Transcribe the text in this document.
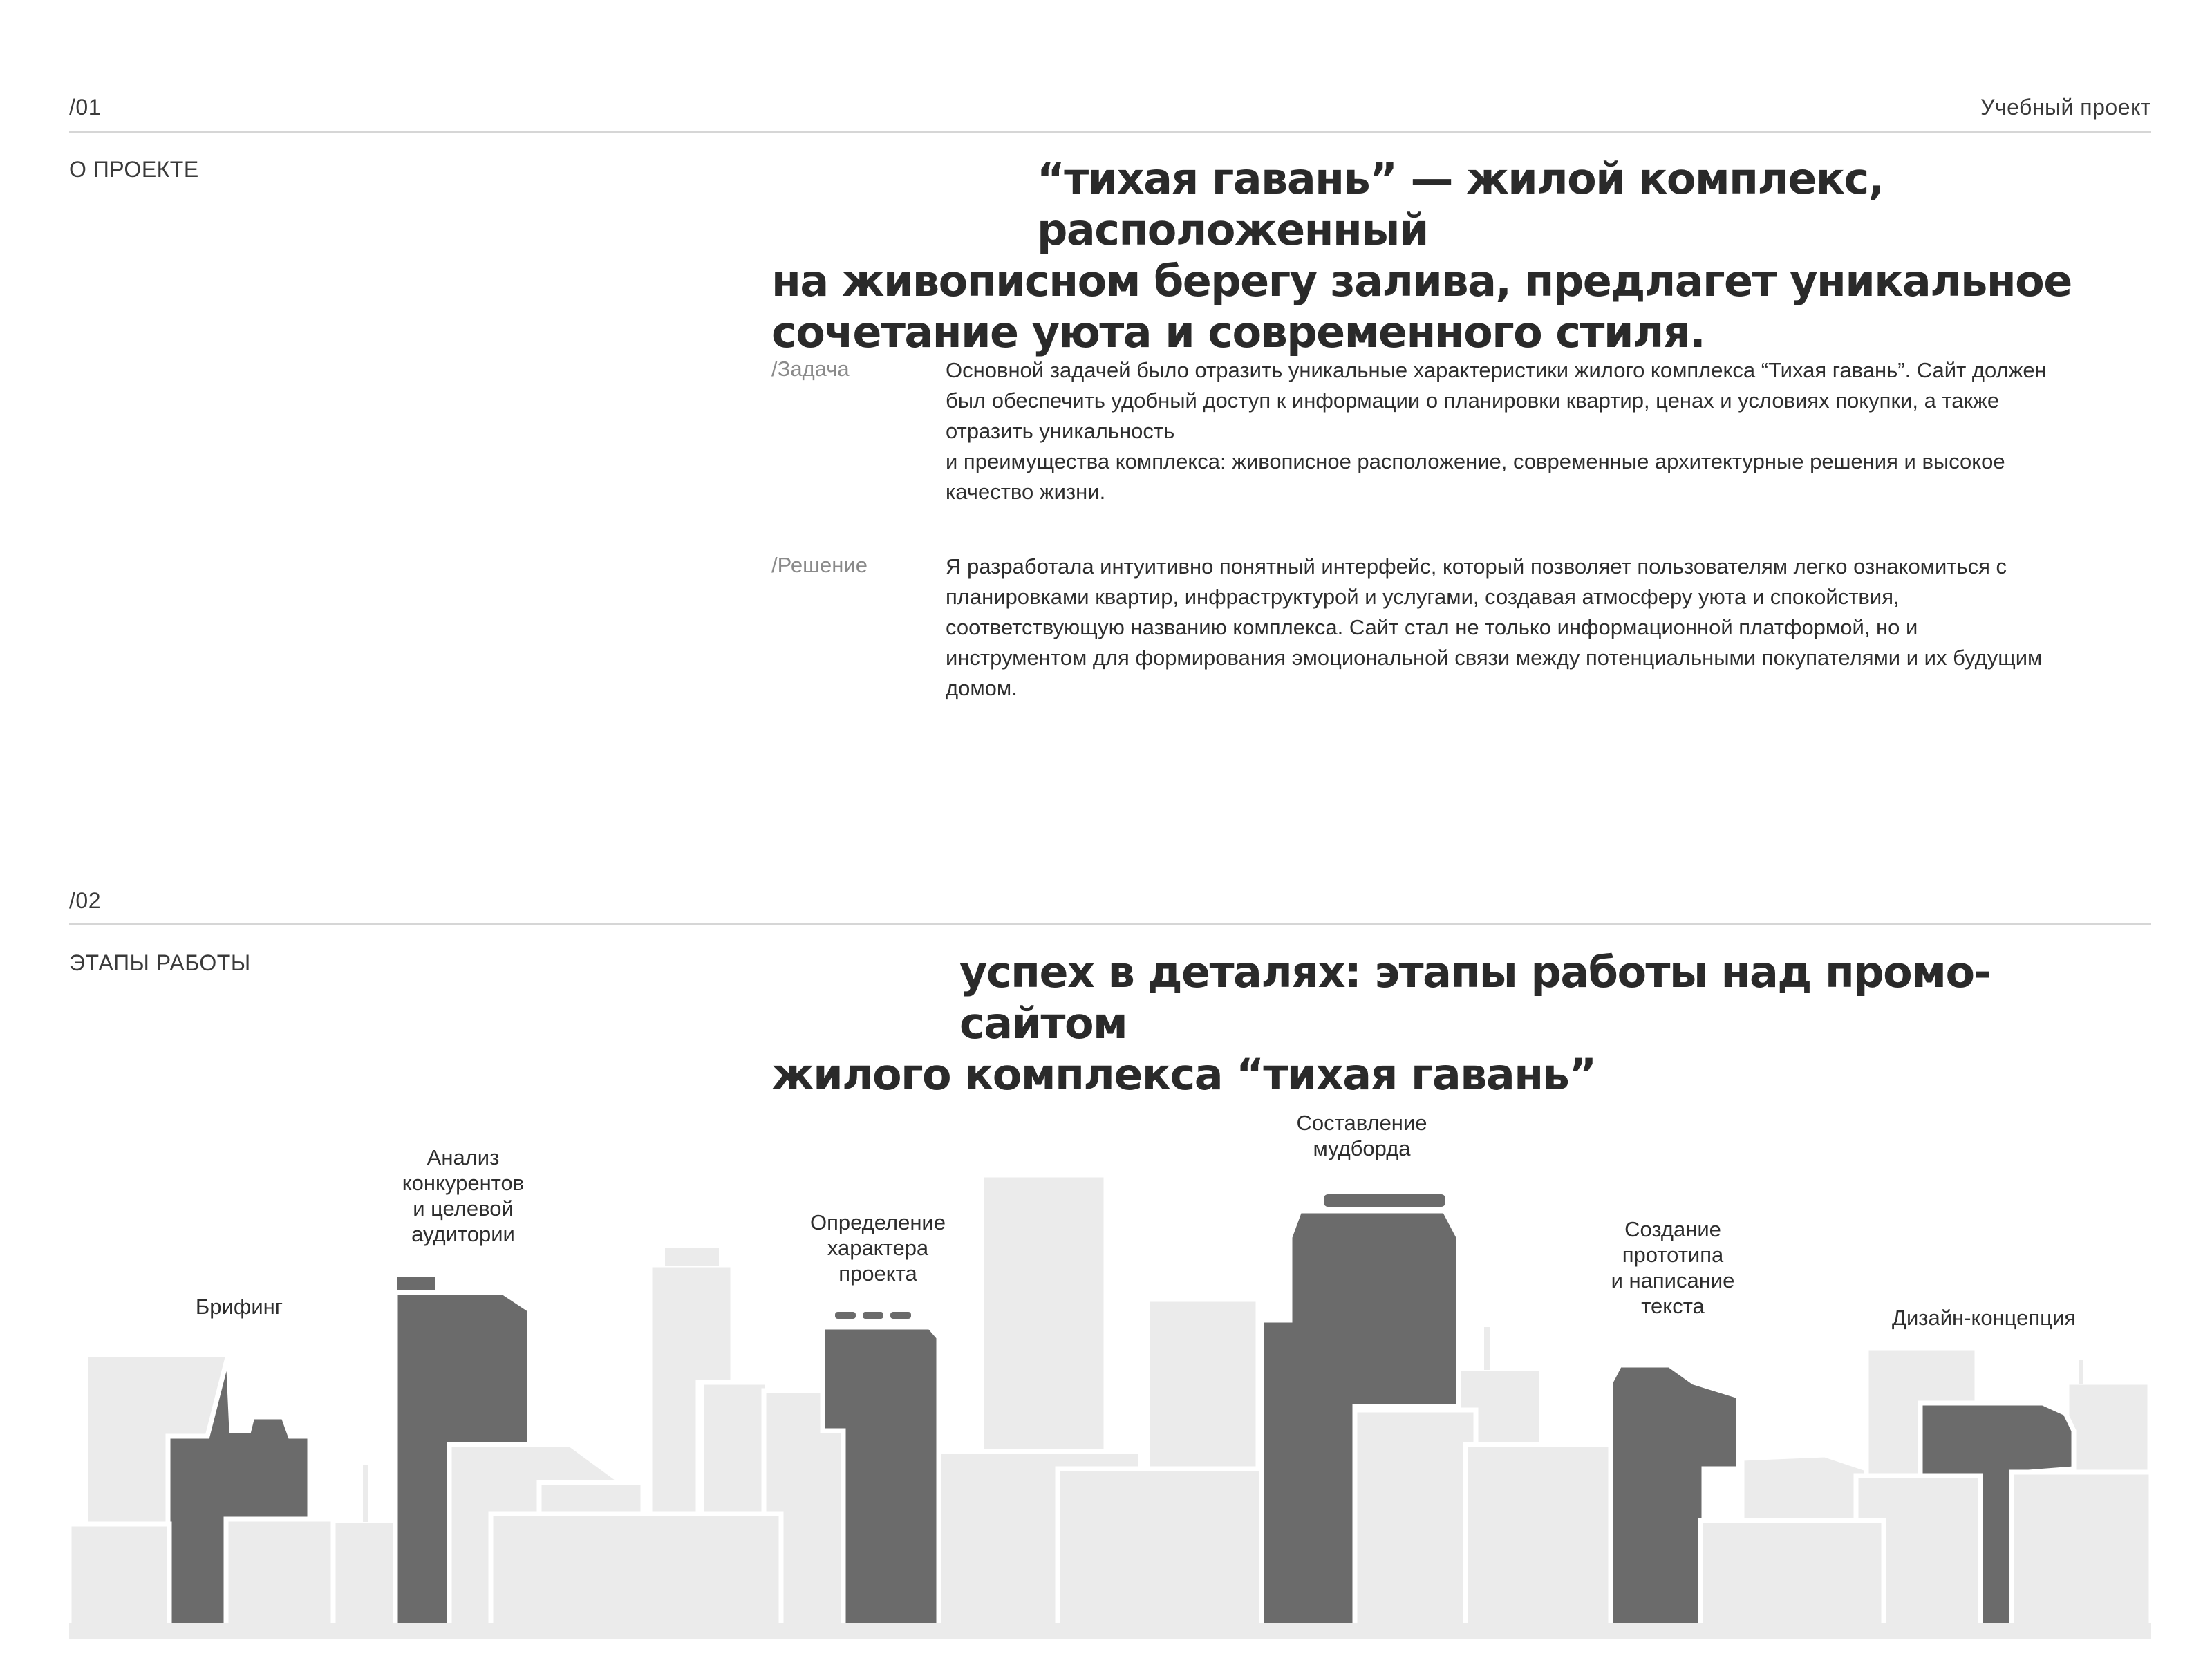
/01	Учебный проект
О ПРОЕКТЕ	“тихая гавань” — жилой комплекс, расположенный
на живописном берегу залива, предлагет уникальное
сочетание уюта и современного стиля.
/Задача	Основной задачей было отразить уникальные характеристики жилого комплекса “Тихая гавань”. Сайт должен
был обеспечить удобный доступ к информации о планировки квартир, ценах и условиях покупки, а также
отразить уникальность
и преимущества комплекса: живописное расположение, современные архитектурные решения и высокое
качество жизни.
/Решение	Я разработала интуитивно понятный интерфейс, который позволяет пользователям легко ознакомиться с
планировками квартир, инфраструктурой и услугами, создавая атмосферу уюта и спокойствия,
соответствующую названию комплекса. Сайт стал не только информационной платформой, но и
инструментом для формирования эмоциональной связи между потенциальными покупателями и их будущим
домом.
/02
ЭТАПЫ РАБОТЫ	успех в деталях: этапы работы над промо-сайтом
жилого комплекса “тихая гавань”
Брифинг
Анализ
конкурентов
и целевой
аудитории	Определение
характера
проекта
Составление
мудборда
Создание
прототипа
и написание
текста	Дизайн-концепция
